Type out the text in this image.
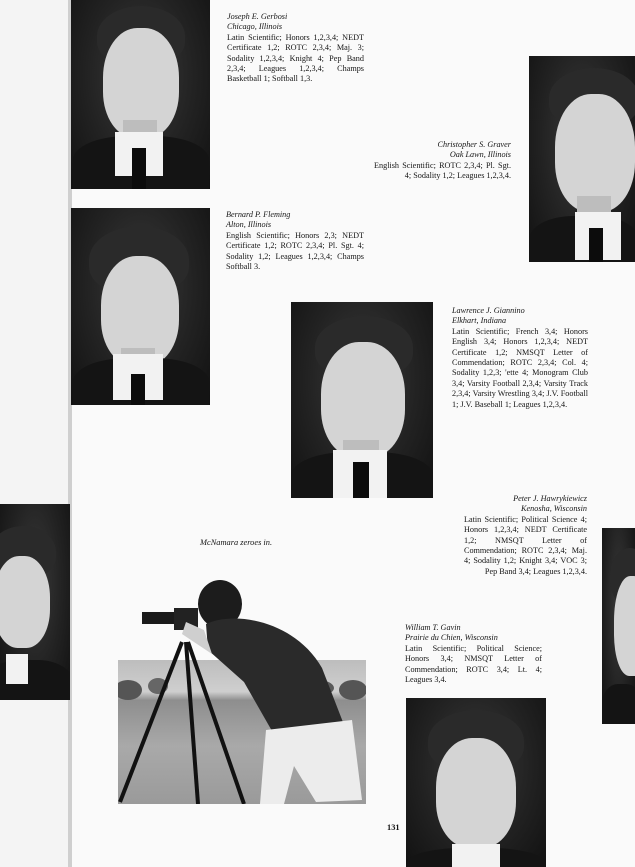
Joseph E. Gerbosi
Chicago, Illinois
Latin Scientific; Honors 1,2,3,4; NEDT Certificate 1,2; ROTC 2,3,4; Maj. 3; Sodality 1,2,3,4; Knight 4; Pep Band 2,3,4; Leagues 1,2,3,4; Champs Basketball 1; Softball 1,3.
Christopher S. Graver
Oak Lawn, Illinois
English Scientific; ROTC 2,3,4; Pl. Sgt. 4; Sodality 1,2; Leagues 1,2,3,4.
Bernard P. Fleming
Alton, Illinois
English Scientific; Honors 2,3; NEDT Certificate 1,2; ROTC 2,3,4; Pl. Sgt. 4; Sodality 1,2; Leagues 1,2,3,4; Champs Softball 3.
Lawrence J. Giannino
Elkhart, Indiana
Latin Scientific; French 3,4; Honors English 3,4; Honors 1,2,3,4; NEDT Certificate 1,2; NMSQT Letter of Commendation; ROTC 2,3,4; Col. 4; Sodality 1,2,3; 'ette 4; Monogram Club 3,4; Varsity Football 2,3,4; Varsity Track 2,3,4; Varsity Wrestling 3,4; J.V. Football 1; J.V. Baseball 1; Leagues 1,2,3,4.
Peter J. Hawrykiewicz
Kenosha, Wisconsin
Latin Scientific; Political Science 4; Honors 1,2,3,4; NEDT Certificate 1,2; NMSQT Letter of Commendation; ROTC 2,3,4; Maj. 4; Sodality 1,2; Knight 3,4; VOC 3; Pep Band 3,4; Leagues 1,2,3,4.
McNamara zeroes in.
William T. Gavin
Prairie du Chien, Wisconsin
Latin Scientific; Political Science; Honors 3,4; NMSQT Letter of Commendation; ROTC 3,4; Lt. 4; Leagues 3,4.
131
